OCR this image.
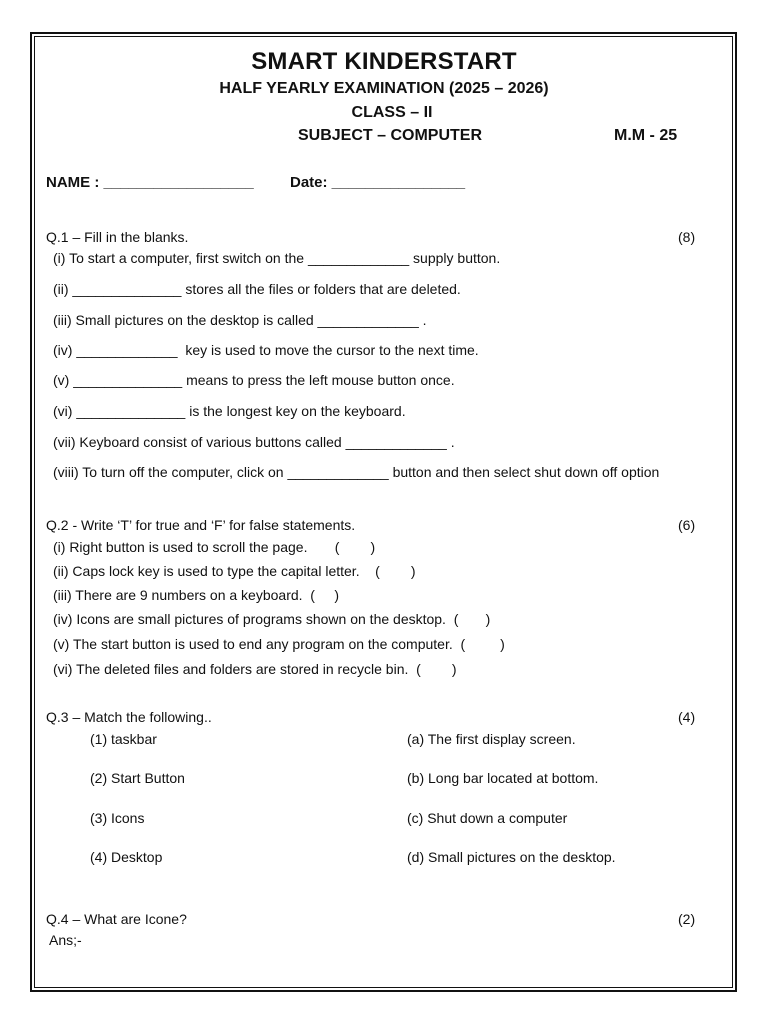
SMART KINDERSTART
HALF YEARLY EXAMINATION (2025 – 2026)
CLASS – II
SUBJECT – COMPUTER	M.M - 25
NAME : __________________ Date: ________________
Q.1 – Fill in the blanks.	(8)
(i) To start a computer, first switch on the _____________ supply button.
(ii) ______________ stores all the files or folders that are deleted.
(iii) Small pictures on the desktop is called _____________ .
(iv) _____________  key is used to move the cursor to the next time.
(v) ______________ means to press the left mouse button once.
(vi) ______________ is the longest key on the keyboard.
(vii) Keyboard consist of various buttons called _____________ .
(viii) To turn off the computer, click on _____________ button and then select shut down off option
Q.2 - Write ‘T’ for true and ‘F’ for false statements.	(6)
(i) Right button is used to scroll the page.       (        )
(ii) Caps lock key is used to type the capital letter.    (        )
(iii) There are 9 numbers on a keyboard.  (     )
(iv) Icons are small pictures of programs shown on the desktop.  (       )
(v) The start button is used to end any program on the computer.  (         )
(vi) The deleted files and folders are stored in recycle bin.  (        )
Q.3 – Match the following..	(4)
(1) taskbar	(a) The first display screen.
(2) Start Button	(b) Long bar located at bottom.
(3) Icons	(c) Shut down a computer
(4) Desktop	(d) Small pictures on the desktop.
Q.4 – What are Icone?	(2)
Ans;-
